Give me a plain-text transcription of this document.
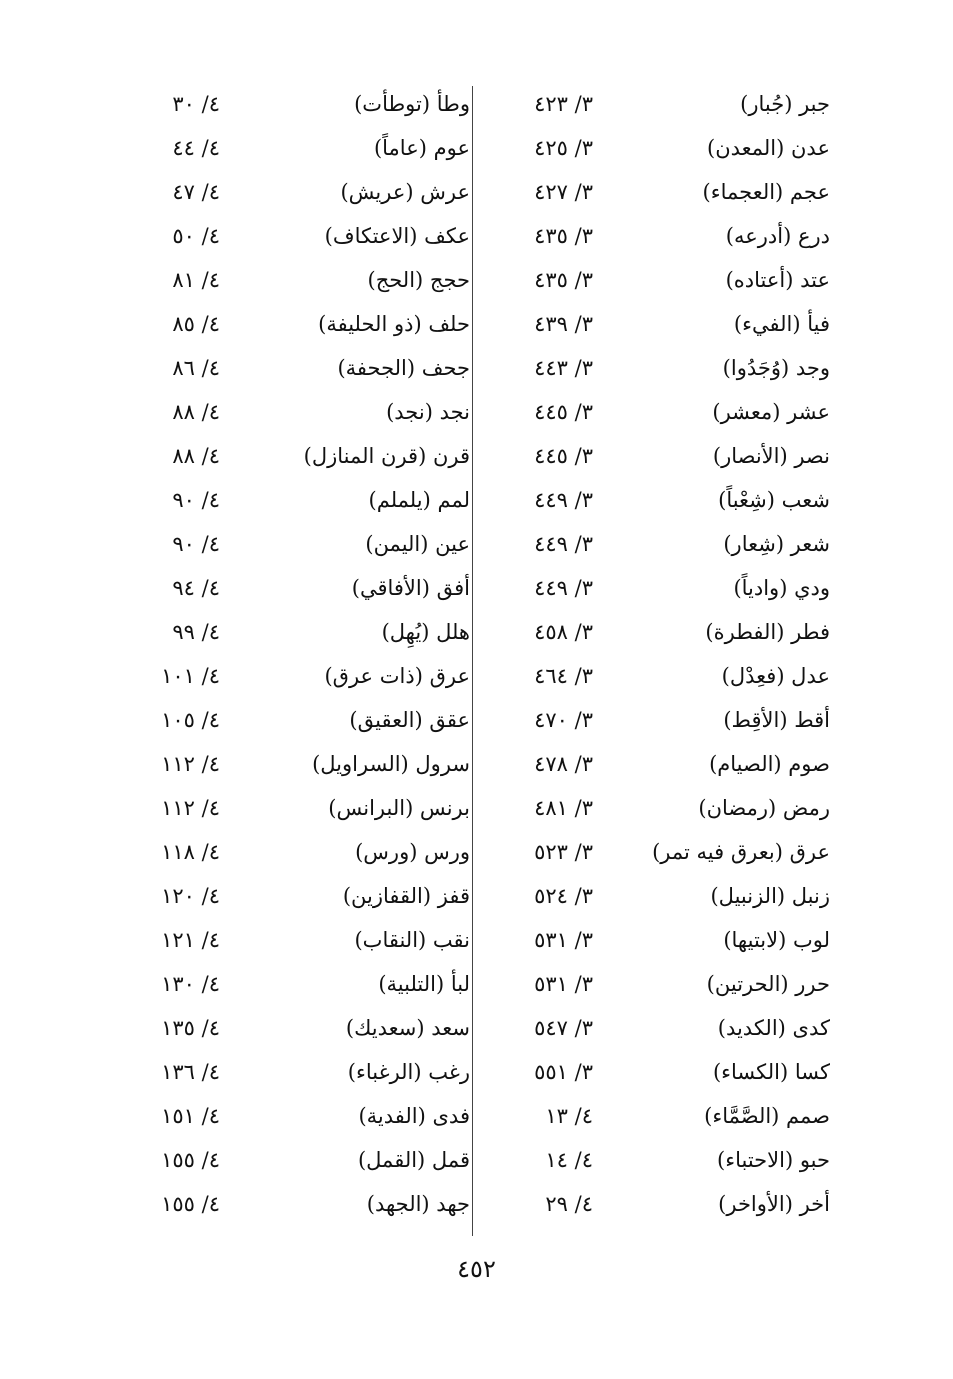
جبر (جُبار)
٣/ ٤٢٣
وطأ (توطأت)
٤/ ٣٠
عدن (المعدن)
٣/ ٤٢٥
عوم (عاماً)
٤/ ٤٤
عجم (العجماء)
٣/ ٤٢٧
عرش (عريش)
٤/ ٤٧
درع (أدرعه)
٣/ ٤٣٥
عكف (الاعتكاف)
٤/ ٥٠
عتد (أعتاده)
٣/ ٤٣٥
حجج (الحج)
٤/ ٨١
فيأ (الفيء)
٣/ ٤٣٩
حلف (ذو الحليفة)
٤/ ٨٥
وجد (وُجَدُوا)
٣/ ٤٤٣
جحف (الجحفة)
٤/ ٨٦
عشر (معشر)
٣/ ٤٤٥
نجد (نجد)
٤/ ٨٨
نصر (الأنصار)
٣/ ٤٤٥
قرن (قرن المنازل)
٤/ ٨٨
شعب (شِعْباً)
٣/ ٤٤٩
لمم (يلملم)
٤/ ٩٠
شعر (شِعار)
٣/ ٤٤٩
عين (اليمن)
٤/ ٩٠
ودي (وادياً)
٣/ ٤٤٩
أفق (الأفاقي)
٤/ ٩٤
فطر (الفطرة)
٣/ ٤٥٨
هلل (يُهِل)
٤/ ٩٩
عدل (فعِدْل)
٣/ ٤٦٤
عرق (ذات عرق)
٤/ ١٠١
أقط (الأقِط)
٣/ ٤٧٠
عقق (العقيق)
٤/ ١٠٥
صوم (الصيام)
٣/ ٤٧٨
سرول (السراويل)
٤/ ١١٢
رمض (رمضان)
٣/ ٤٨١
برنس (البرانس)
٤/ ١١٢
عرق (بعرق فيه تمر)
٣/ ٥٢٣
ورس (ورس)
٤/ ١١٨
زنبل (الزنبيل)
٣/ ٥٢٤
قفز (القفازين)
٤/ ١٢٠
لوب (لابتيها)
٣/ ٥٣١
نقب (النقاب)
٤/ ١٢١
حرر (الحرتين)
٣/ ٥٣١
لبأ (التلبية)
٤/ ١٣٠
كدى (الكديد)
٣/ ٥٤٧
سعد (سعديك)
٤/ ١٣٥
كسا (الكساء)
٣/ ٥٥١
رغب (الرغباء)
٤/ ١٣٦
صمم (الصَّمَّاء)
٤/ ١٣
فدى (الفدية)
٤/ ١٥١
حبو (الاحتباء)
٤/ ١٤
قمل (القمل)
٤/ ١٥٥
أخر (الأواخر)
٤/ ٢٩
جهد (الجهد)
٤/ ١٥٥
٤٥٢
